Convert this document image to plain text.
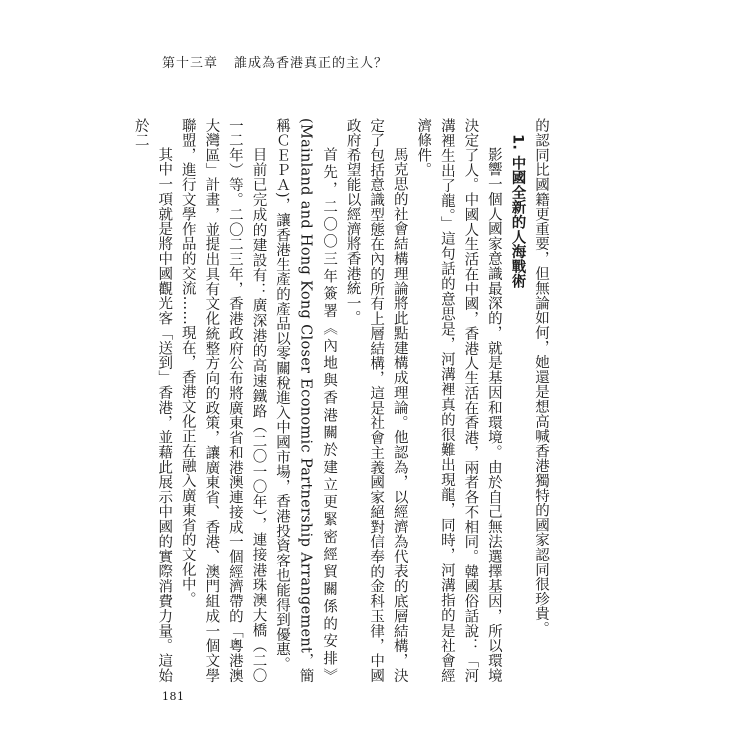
第十三章 誰成為香港真正的主人？

的認同比國籍更重要，但無論如何，她還是想高喊香港獨特的國家認同很珍貴。

1. 中國全新的人海戰術

影響一個人國家意識最深的，就是基因和環境。由於自己無法選擇基因，所以環境決定了人。中國人生活在中國，香港人生活在香港，兩者各不相同。韓國俗話說：「河溝裡生出了龍。」這句話的意思是，河溝裡真的很難出現龍，同時，河溝指的是社會經濟條件。

馬克思的社會結構理論將此點建構成理論。他認為，以經濟為代表的底層結構，決定了包括意識型態在內的所有上層結構，這是社會主義國家絕對信奉的金科玉律，中國政府希望能以經濟將香港統一。

首先，二〇〇三年簽署《內地與香港關於建立更緊密經貿關係的安排》(Mainland and Hong Kong Closer Economic Partnership Arrangement，簡稱ＣＥＰＡ)，讓香港生產的產品以零關稅進入中國市場，香港投資客也能得到優惠。

目前已完成的建設有：廣深港的高速鐵路（二〇一〇年），連接港珠澳大橋（二〇一二年）等。二〇二三年，香港政府公布將廣東省和港澳連接成一個經濟帶的「粵港澳大灣區」計畫，並提出具有文化統整方向的政策，讓廣東省、香港、澳門組成一個文學聯盟，進行文學作品的交流……現在，香港文化正在融入廣東省的文化中。

其中一項就是將中國觀光客「送到」香港，並藉此展示中國的實際消費力量。這始於二

181
